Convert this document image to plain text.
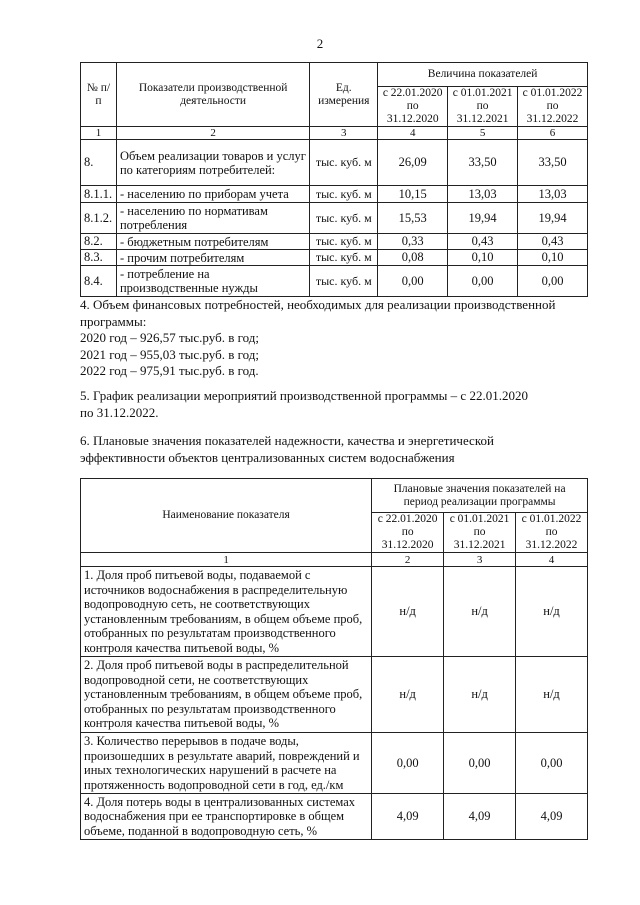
2
№ п/п	Показатели производственной деятельности	Ед. измерения	Величина показателей		
			с 22.01.2020 по 31.12.2020	с 01.01.2021 по 31.12.2021	с 01.01.2022 по 31.12.2022
1	2	3	4	5	6
8.	Объем реализации товаров и услуг по категориям потребителей:	тыс. куб. м	26,09	33,50	33,50
8.1.1.	- населению по приборам учета	тыс. куб. м	10,15	13,03	13,03
8.1.2.	- населению по нормативам потребления	тыс. куб. м	15,53	19,94	19,94
8.2.	- бюджетным потребителям	тыс. куб. м	0,33	0,43	0,43
8.3.	- прочим потребителям	тыс. куб. м	0,08	0,10	0,10
8.4.	- потребление на производственные нужды	тыс. куб. м	0,00	0,00	0,00
4. Объем финансовых потребностей, необходимых для реализации производственной
программы:
2020 год – 926,57 тыс.руб. в год;
2021 год – 955,03 тыс.руб. в год;
2022 год – 975,91 тыс.руб. в год.
5. График реализации мероприятий производственной программы – с 22.01.2020
по 31.12.2022.
6. Плановые значения показателей надежности, качества и энергетической
эффективности объектов централизованных систем водоснабжения
Наименование показателя	Плановые значения показателей на период реализации программы		
	с 22.01.2020 по 31.12.2020	с 01.01.2021 по 31.12.2021	с 01.01.2022 по 31.12.2022
1	2	3	4
1. Доля проб питьевой воды, подаваемой с источников водоснабжения в распределительную водопроводную сеть, не соответствующих установленным требованиям, в общем объеме проб, отобранных по результатам производственного контроля качества питьевой воды, %	н/д	н/д	н/д
2. Доля проб питьевой воды в распределительной водопроводной сети, не соответствующих установленным требованиям, в общем объеме проб, отобранных по результатам производственного контроля качества питьевой воды, %	н/д	н/д	н/д
3. Количество перерывов в подаче воды, произошедших в результате аварий, повреждений и иных технологических нарушений в расчете на протяженность водопроводной сети в год, ед./км	0,00	0,00	0,00
4. Доля потерь воды в централизованных системах водоснабжения при ее транспортировке в общем объеме, поданной в водопроводную сеть, %	4,09	4,09	4,09
